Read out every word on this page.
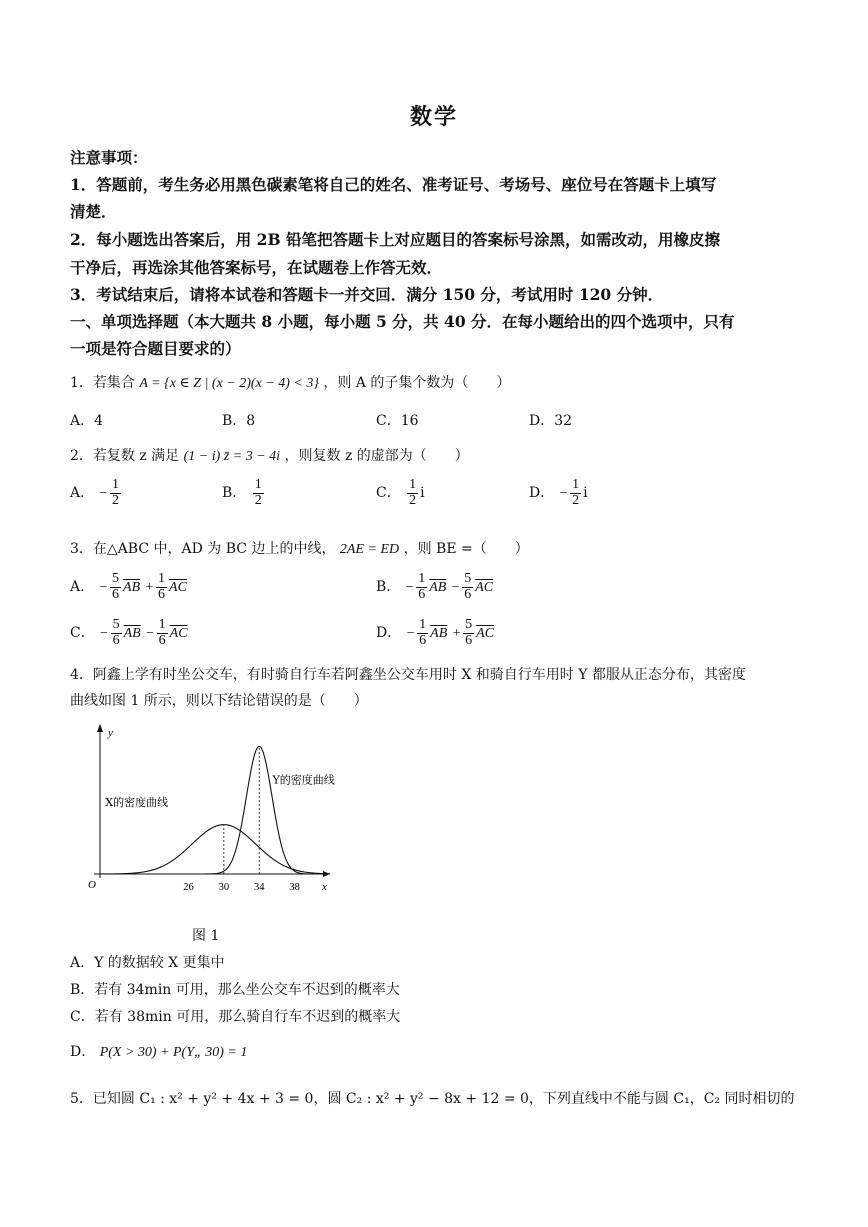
数学
注意事项：
1．答题前，考生务必用黑色碳素笔将自己的姓名、准考证号、考场号、座位号在答题卡上填写
清楚．
2．每小题选出答案后，用 2B 铅笔把答题卡上对应题目的答案标号涂黑，如需改动，用橡皮擦
干净后，再选涂其他答案标号，在试题卷上作答无效．
3．考试结束后，请将本试卷和答题卡一并交回．满分 150 分，考试用时 120 分钟．
一、单项选择题（本大题共 8 小题，每小题 5 分，共 40 分．在每小题给出的四个选项中，只有
一项是符合题目要求的）
1．若集合 A = {x ∈ Z | (x − 2)(x − 4) < 3} ，则 A 的子集个数为（　　）
A．4	B．8	C．16	D．32
2．若复数 z 满足 (1 − i) z̄ = 3 − 4i ，则复数 z 的虚部为（　　）
A． − $\frac{1}{2}$	B． $\frac{1}{2}$	C． $\frac{1}{2}$ i	D． − $\frac{1}{2}$ i
3．在△ABC 中，AD 为 BC 边上的中线， 2AE = ED ，则 BE =（　　）
A． − $\frac{5}{6} \overline{AB} + \frac{1}{6} \overline{AC}$	B． − $\frac{1}{6} \overline{AB} - \frac{5}{6} \overline{AC}$
C． − $\frac{5}{6} \overline{AB} - \frac{1}{6} \overline{AC}$	D． − $\frac{1}{6} \overline{AB} + \frac{5}{6} \overline{AC}$
4．阿鑫上学有时坐公交车，有时骑自行车若阿鑫坐公交车用时 X 和骑自行车用时 Y 都服从正态分布，其密度
曲线如图 1 所示，则以下结论错误的是（　　）
x
y
O	26 30 34 38
X的密度曲线
Y的密度曲线
图 1
A．Y 的数据较 X 更集中
B．若有 34min 可用，那么坐公交车不迟到的概率大
C．若有 38min 可用，那么骑自行车不迟到的概率大
D． P(X > 30) + P(Y„ 30) = 1
5．已知圆 C₁ : x² + y² + 4x + 3 = 0，圆 C₂ : x² + y² − 8x + 12 = 0，下列直线中不能与圆 C₁，C₂ 同时相切的
